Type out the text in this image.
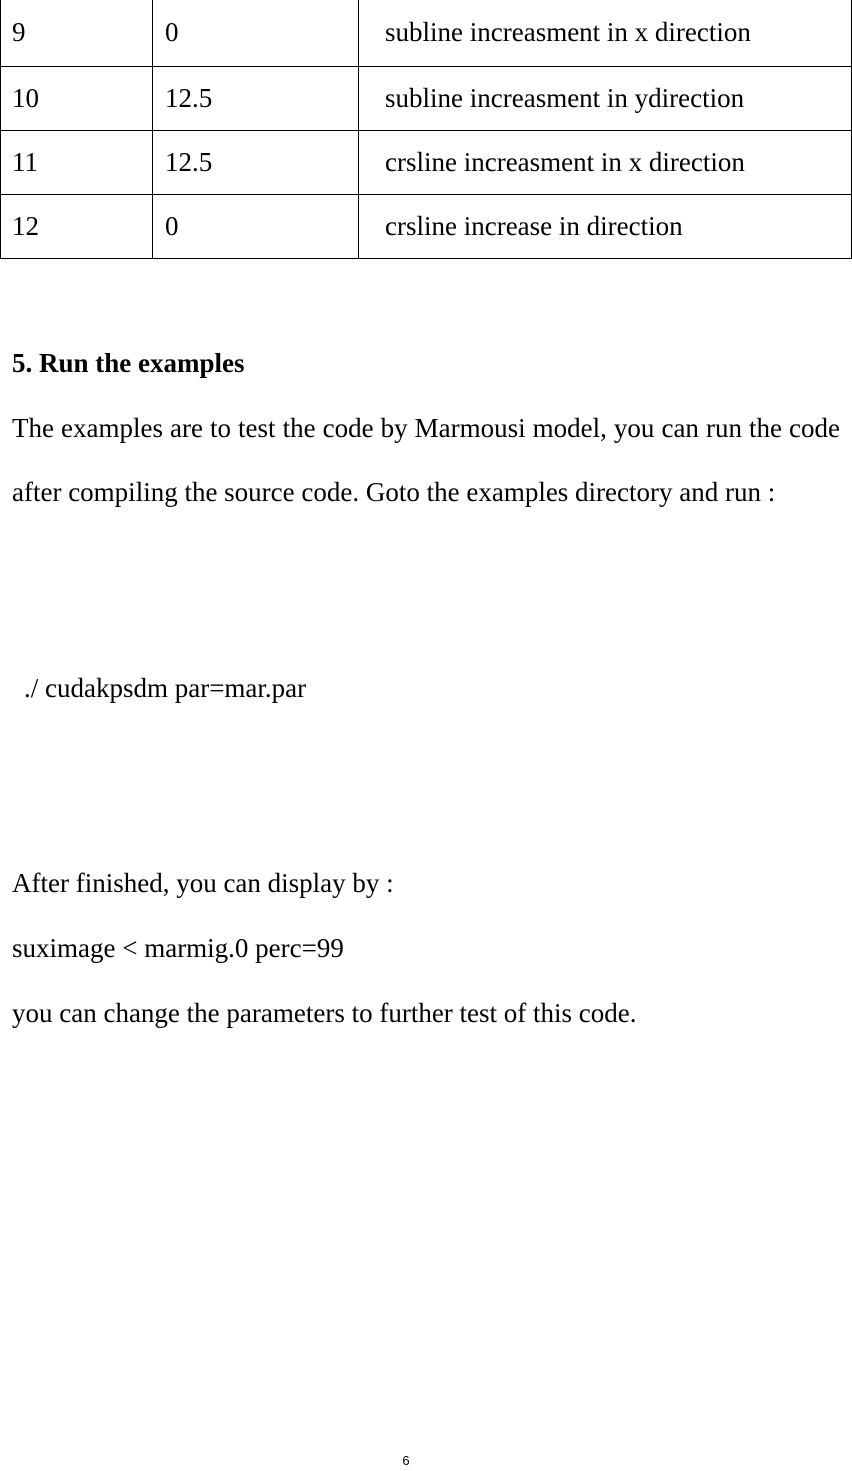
9	0	subline increasment in x direction
10	12.5	subline increasment in ydirection
11	12.5	crsline increasment in x direction
12	0	crsline increase in direction
5. Run the examples
The examples are to test the code by Marmousi model, you can run the code after compiling the source code. Goto the examples directory and run :
./ cudakpsdm par=mar.par
After finished, you can display by :
suximage < marmig.0 perc=99
you can change the parameters to further test of this code.
6
